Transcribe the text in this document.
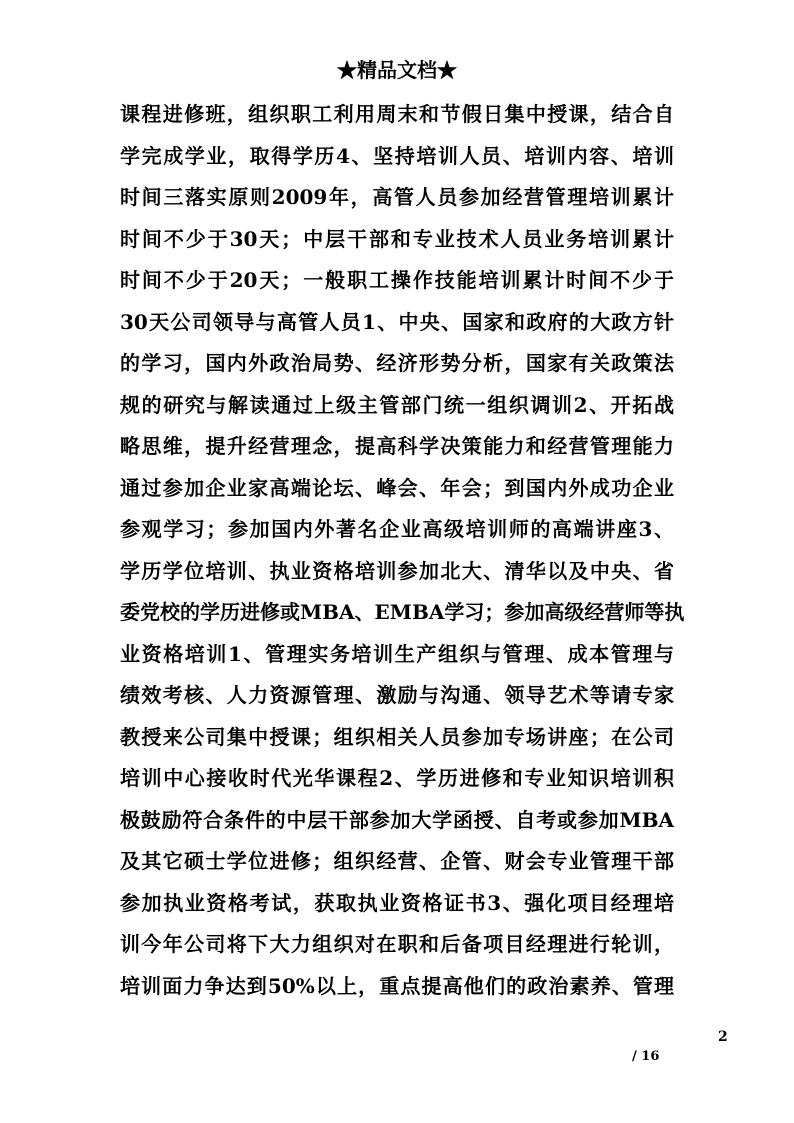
★精品文档★
课程进修班，组织职工利用周末和节假日集中授课，结合自
学完成学业，取得学历4、坚持培训人员、培训内容、培训
时间三落实原则2009年，高管人员参加经营管理培训累计
时间不少于30天；中层干部和专业技术人员业务培训累计
时间不少于20天；一般职工操作技能培训累计时间不少于
30天公司领导与高管人员1、中央、国家和政府的大政方针
的学习，国内外政治局势、经济形势分析，国家有关政策法
规的研究与解读通过上级主管部门统一组织调训2、开拓战
略思维，提升经营理念，提高科学决策能力和经营管理能力
通过参加企业家高端论坛、峰会、年会；到国内外成功企业
参观学习；参加国内外著名企业高级培训师的高端讲座3、
学历学位培训、执业资格培训参加北大、清华以及中央、省
委党校的学历进修或MBA、EMBA学习；参加高级经营师等执
业资格培训1、管理实务培训生产组织与管理、成本管理与
绩效考核、人力资源管理、激励与沟通、领导艺术等请专家
教授来公司集中授课；组织相关人员参加专场讲座；在公司
培训中心接收时代光华课程2、学历进修和专业知识培训积
极鼓励符合条件的中层干部参加大学函授、自考或参加MBA
及其它硕士学位进修；组织经营、企管、财会专业管理干部
参加执业资格考试，获取执业资格证书3、强化项目经理培
训今年公司将下大力组织对在职和后备项目经理进行轮训，
培训面力争达到50%以上，重点提高他们的政治素养、管理
2
/ 16
